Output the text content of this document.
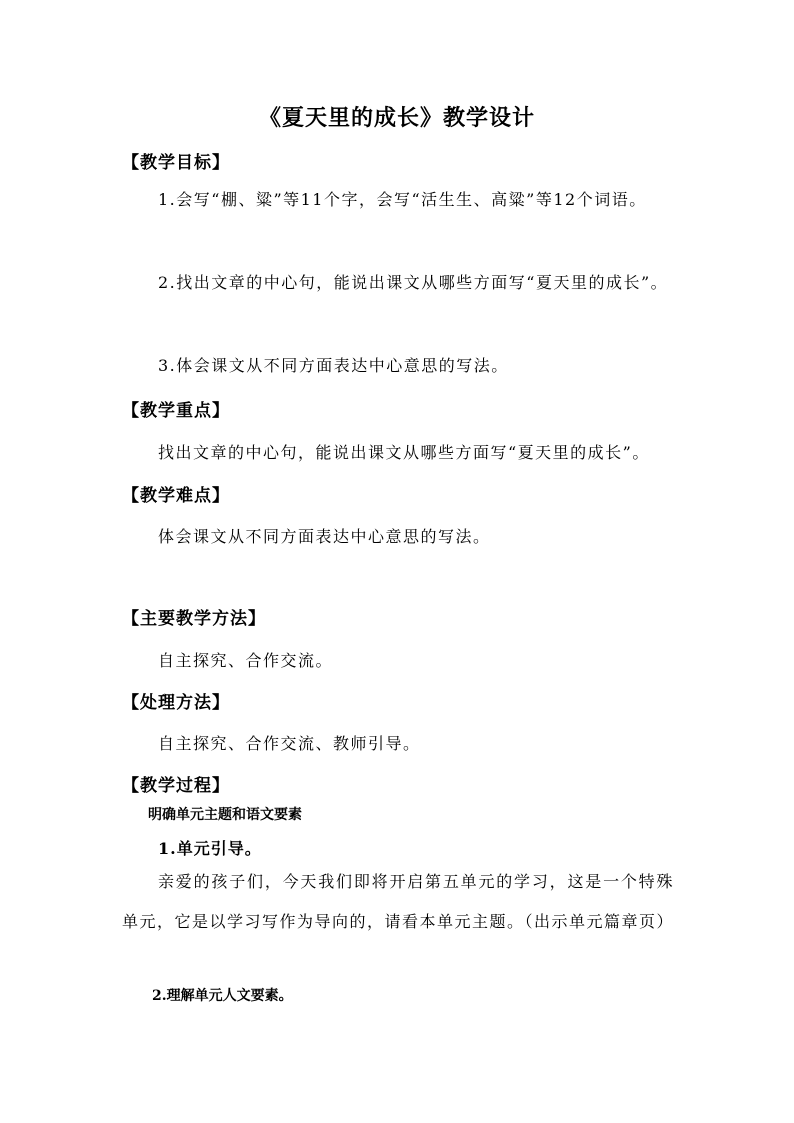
《夏天里的成长》教学设计
【教学目标】
1.会写“棚、粱”等11个字，会写“活生生、高粱”等12个词语。
2.找出文章的中心句，能说出课文从哪些方面写“夏天里的成长”。
3.体会课文从不同方面表达中心意思的写法。
【教学重点】
找出文章的中心句，能说出课文从哪些方面写“夏天里的成长”。
【教学难点】
体会课文从不同方面表达中心意思的写法。
【主要教学方法】
自主探究、合作交流。
【处理方法】
自主探究、合作交流、教师引导。
【教学过程】
明确单元主题和语文要素
1.单元引导。
亲爱的孩子们，今天我们即将开启第五单元的学习，这是一个特殊单元，它是以学习写作为导向的，请看本单元主题。（出示单元篇章页）
2.理解单元人文要素。
